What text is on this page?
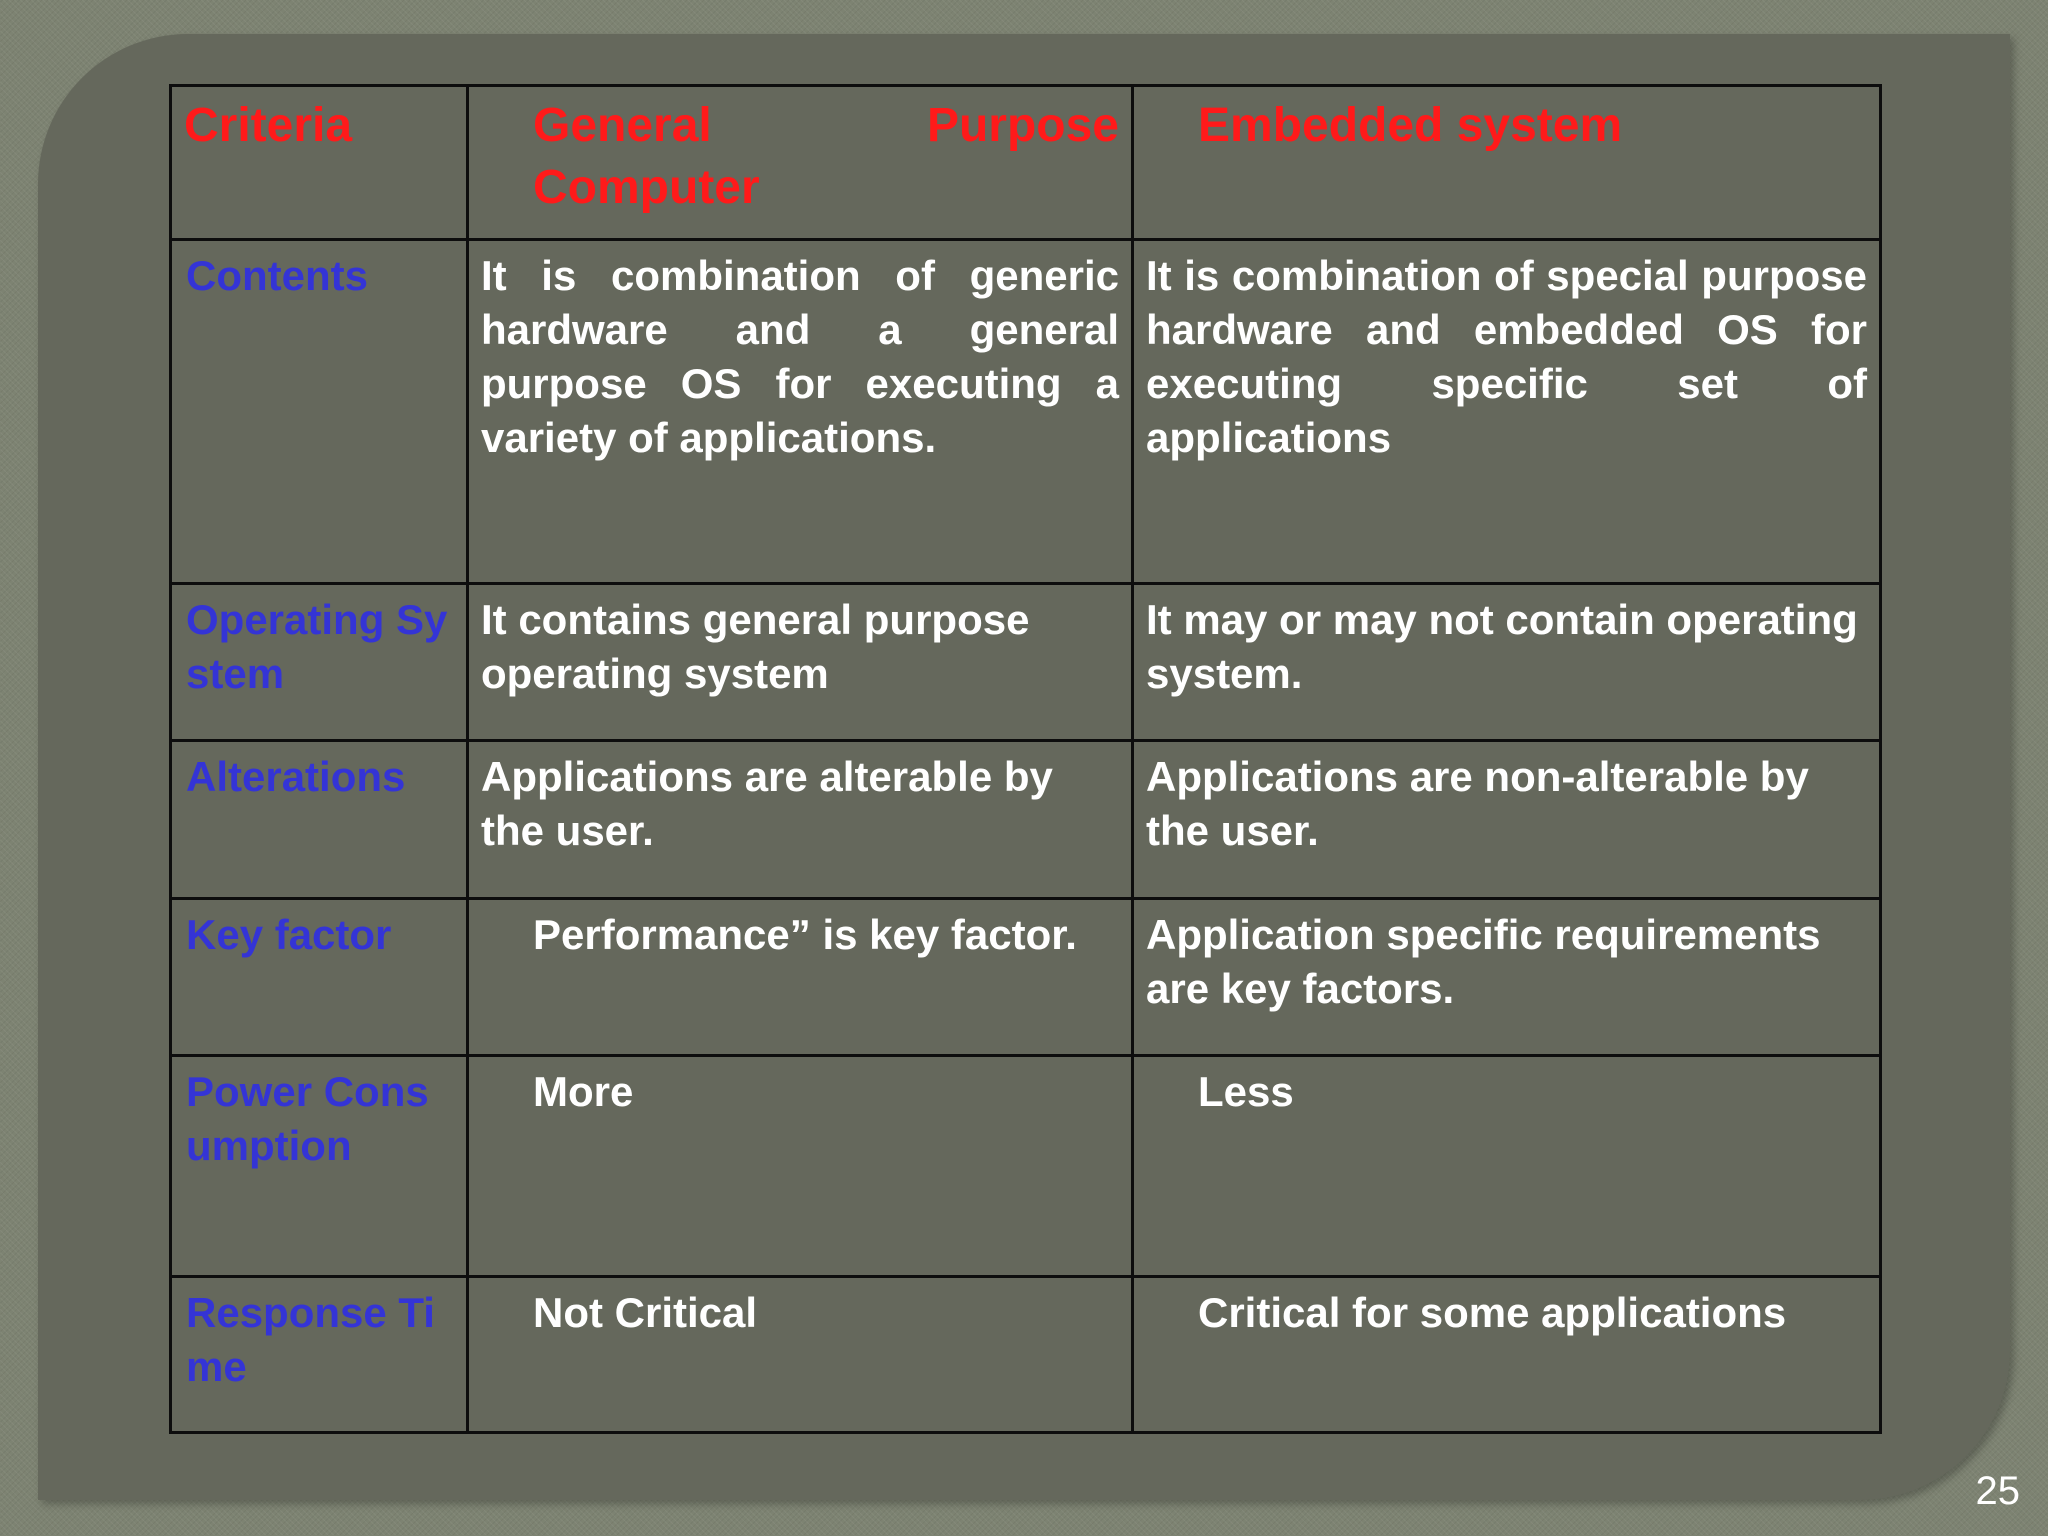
Criteria	General Purpose Computer	Embedded system
Contents	It is combination of generic hardware and a general purpose OS for executing a variety of applications.	It is combination of special purpose hardware and embedded OS for executing specific set of applications
Operating System	It contains general purpose operating system	It may or may not contain operating system.
Alterations	Applications are alterable by the user.	Applications are non-alterable by the user.
Key factor	Performance” is key factor.	Application specific requirements are key factors.
Power Consumption	More	Less
Response Time	Not Critical	Critical for some applications
25
